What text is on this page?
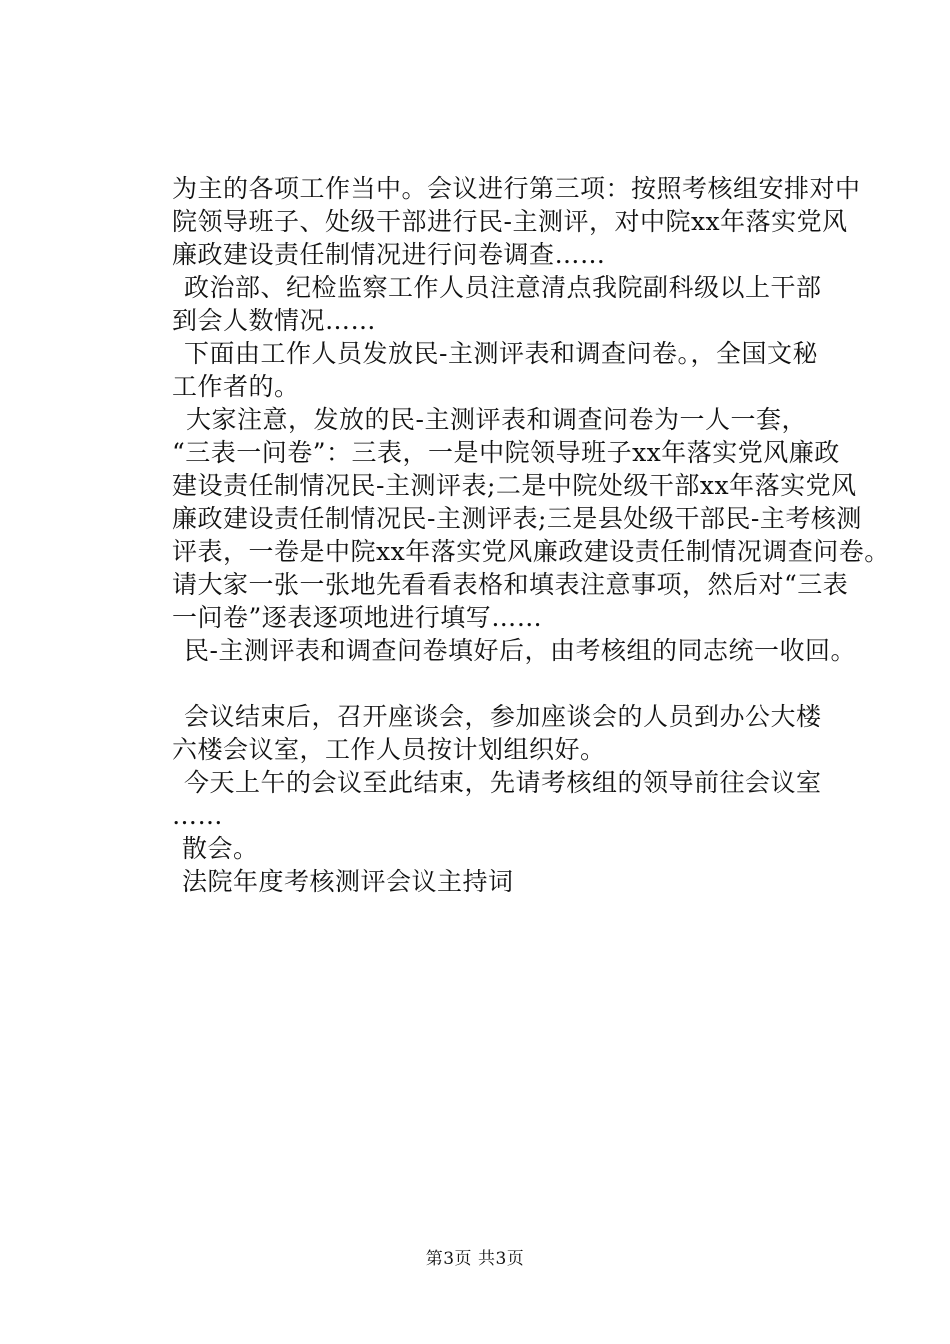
为主的各项工作当中。会议进行第三项：按照考核组安排对中
院领导班子、处级干部进行民-主测评，对中院xx年落实党风
廉政建设责任制情况进行问卷调查……
政治部、纪检监察工作人员注意清点我院副科级以上干部
到会人数情况……
下面由工作人员发放民-主测评表和调查问卷。，全国文秘
工作者的。
大家注意，发放的民-主测评表和调查问卷为一人一套，
“三表一问卷”：三表，一是中院领导班子xx年落实党风廉政
建设责任制情况民-主测评表;二是中院处级干部xx年落实党风
廉政建设责任制情况民-主测评表;三是县处级干部民-主考核测
评表，一卷是中院xx年落实党风廉政建设责任制情况调查问卷。
请大家一张一张地先看看表格和填表注意事项，然后对“三表
一问卷”逐表逐项地进行填写……
民-主测评表和调查问卷填好后，由考核组的同志统一收回。
会议结束后，召开座谈会，参加座谈会的人员到办公大楼
六楼会议室，工作人员按计划组织好。
今天上午的会议至此结束，先请考核组的领导前往会议室
……
散会。
法院年度考核测评会议主持词
第3页 共3页
